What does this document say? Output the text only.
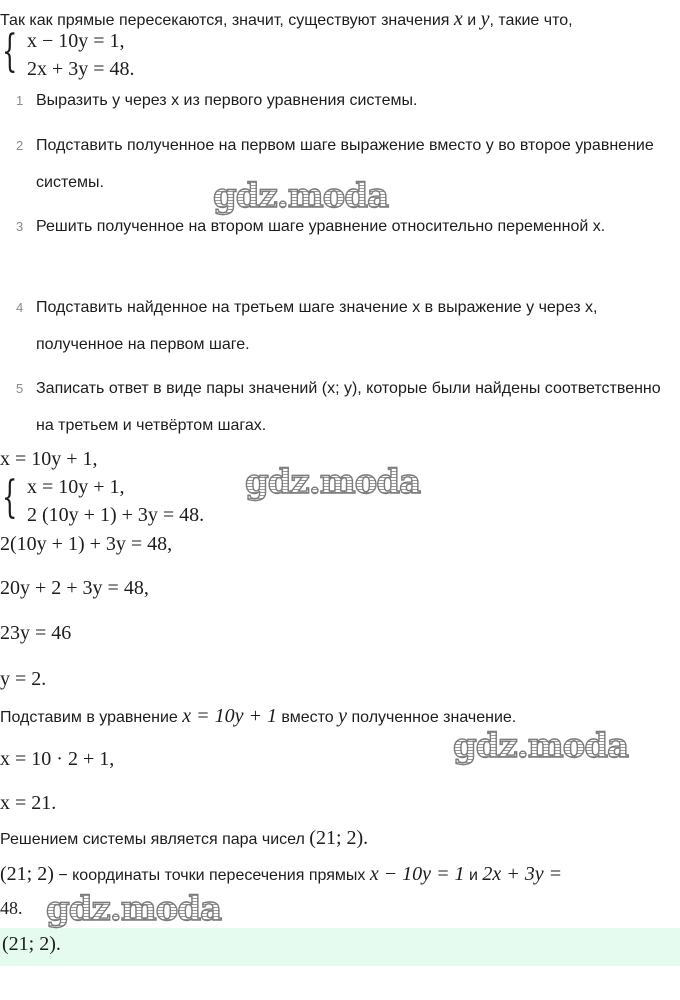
Так как прямые пересекаются, значит, существуют значения x и y, такие что,
{ x − 10y = 1,
2x + 3y = 48.
1 Выразить y через x из первого уравнения системы.
2 Подставить полученное на первом шаге выражение вместо y во второе уравнение системы.
3 Решить полученное на втором шаге уравнение относительно переменной x.
4 Подставить найденное на третьем шаге значение x в выражение y через x, полученное на первом шаге.
5 Записать ответ в виде пары значений (x; y), которые были найдены соответственно на третьем и четвёртом шагах.
x = 10y + 1,
{ x = 10y + 1,
2 (10y + 1) + 3y = 48.
2(10y + 1) + 3y = 48,
20y + 2 + 3y = 48,
23y = 46
y = 2.
Подставим в уравнение x = 10y + 1 вместо y полученное значение.
x = 10 · 2 + 1,
x = 21.
Решением системы является пара чисел (21; 2).
(21; 2) − координаты точки пересечения прямых x − 10y = 1 и 2x + 3y =
48.
(21; 2).
gdz.moda
gdz.moda
gdz.moda
gdz.moda
